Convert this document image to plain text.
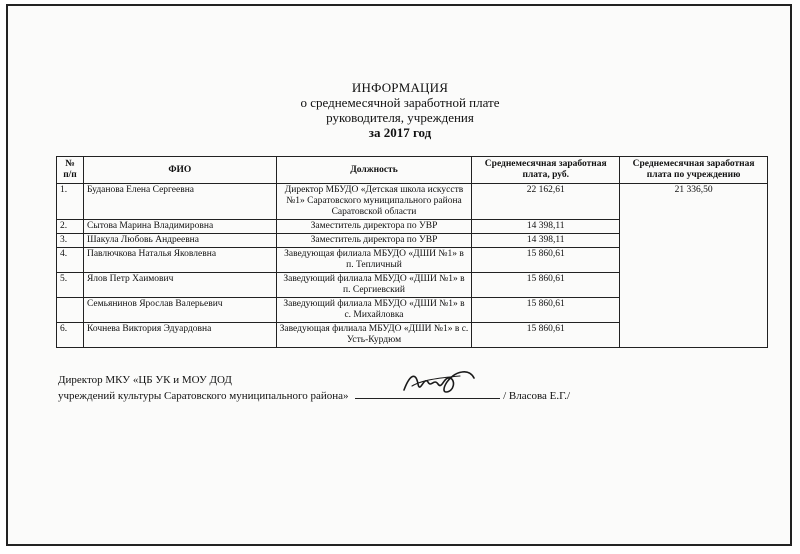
ИНФОРМАЦИЯ
о среднемесячной заработной плате
руководителя, учреждения
за 2017 год
№ п/п	ФИО	Должность	Среднемесячная заработная плата, руб.	Среднемесячная заработная плата по учреждению
1.	Буданова Елена Сергеевна	Директор МБУДО «Детская школа искусств №1» Саратовского муниципального района Саратовской области	22 162,61	21 336,50
2.	Сытова Марина Владимировна	Заместитель директора по УВР	14 398,11	
3.	Шакула Любовь Андреевна	Заместитель директора по УВР	14 398,11	
4.	Павлючкова Наталья Яковлевна	Заведующая филиала МБУДО «ДШИ №1» в п. Тепличный	15 860,61	
5.	Ялов Петр Хаимович	Заведующий филиала МБУДО «ДШИ №1» в п. Сергиевский	15 860,61	
	Семьянинов Ярослав Валерьевич	Заведующий филиала МБУДО «ДШИ №1» в с. Михайловка	15 860,61	
6.	Кочнева Виктория Эдуардовна	Заведующая филиала МБУДО «ДШИ №1» в с. Усть-Курдюм	15 860,61	
Директор МКУ «ЦБ УК и МОУ ДОД
учреждений культуры Саратовского муниципального района»	/ Власова Е.Г./
